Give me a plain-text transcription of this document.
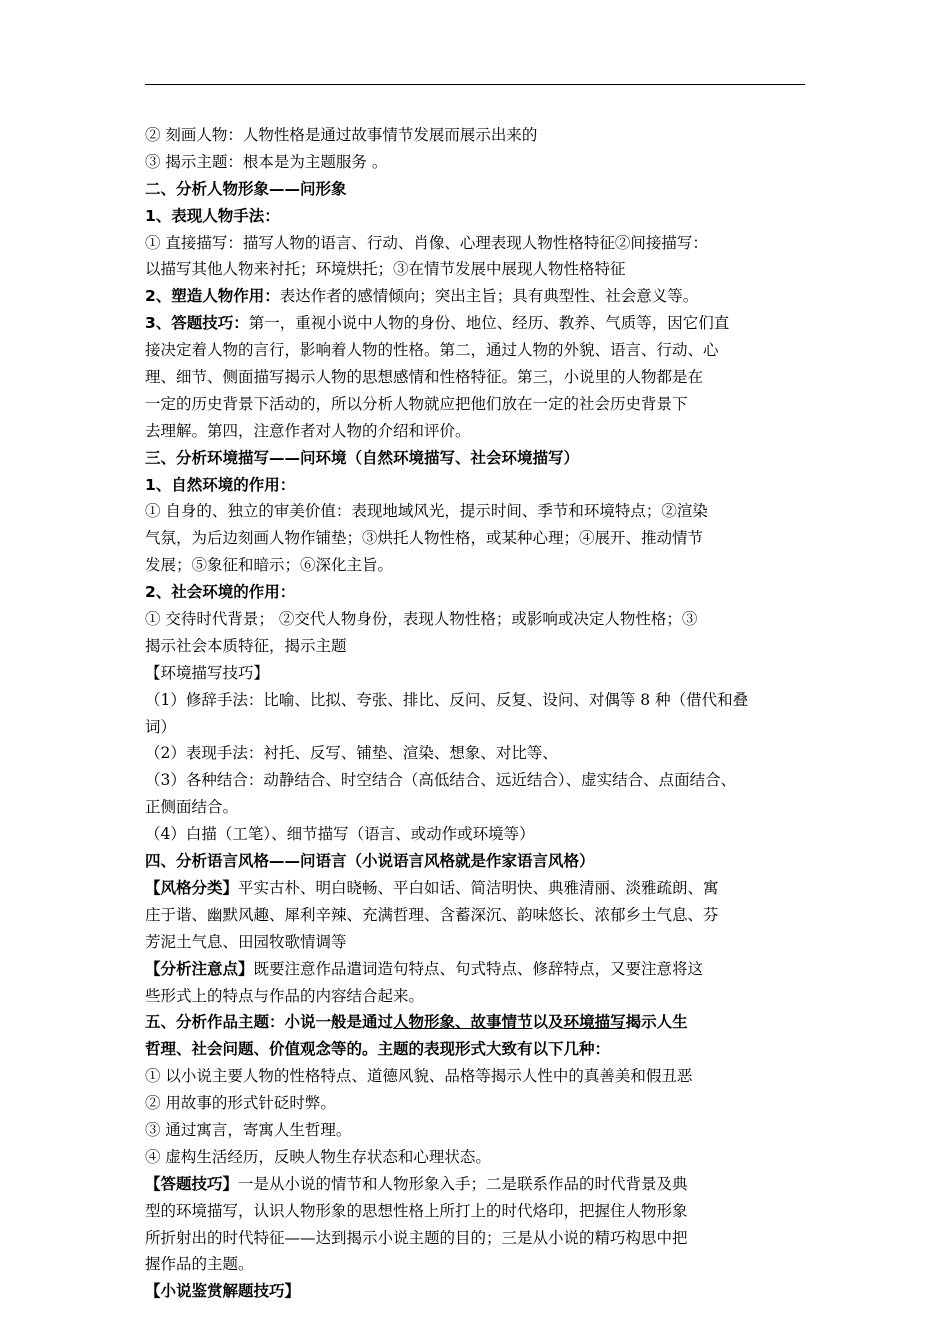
② 刻画人物：人物性格是通过故事情节发展而展示出来的

③ 揭示主题：根本是为主题服务 。

二、分析人物形象——问形象

1、表现人物手法：

① 直接描写：描写人物的语言、行动、肖像、心理表现人物性格特征②间接描写：

以描写其他人物来衬托；环境烘托；③在情节发展中展现人物性格特征

2、塑造人物作用：表达作者的感情倾向；突出主旨；具有典型性、社会意义等。

3、答题技巧：第一，重视小说中人物的身份、地位、经历、教养、气质等，因它们直

接决定着人物的言行，影响着人物的性格。第二，通过人物的外貌、语言、行动、心

理、细节、侧面描写揭示人物的思想感情和性格特征。第三，小说里的人物都是在

一定的历史背景下活动的，所以分析人物就应把他们放在一定的社会历史背景下

去理解。第四，注意作者对人物的介绍和评价。

三、分析环境描写——问环境（自然环境描写、社会环境描写）

1、自然环境的作用：

① 自身的、独立的审美价值：表现地域风光，提示时间、季节和环境特点；②渲染

气氛，为后边刻画人物作铺垫；③烘托人物性格，或某种心理；④展开、推动情节

发展；⑤象征和暗示；⑥深化主旨。

2、社会环境的作用：

① 交待时代背景； ②交代人物身份，表现人物性格；或影响或决定人物性格；③

揭示社会本质特征，揭示主题

【环境描写技巧】

（1）修辞手法：比喻、比拟、夸张、排比、反问、反复、设问、对偶等 8 种（借代和叠

词）

（2）表现手法：衬托、反写、铺垫、渲染、想象、对比等、

（3）各种结合：动静结合、时空结合（高低结合、远近结合）、虚实结合、点面结合、

正侧面结合。

（4）白描（工笔）、细节描写（语言、或动作或环境等）

四、分析语言风格——问语言（小说语言风格就是作家语言风格）

【风格分类】平实古朴、明白晓畅、平白如话、简洁明快、典雅清丽、淡雅疏朗、寓

庄于谐、幽默风趣、犀利辛辣、充满哲理、含蓄深沉、韵味悠长、浓郁乡土气息、芬

芳泥土气息、田园牧歌情调等

【分析注意点】既要注意作品遣词造句特点、句式特点、修辞特点，又要注意将这

些形式上的特点与作品的内容结合起来。

五、分析作品主题：小说一般是通过人物形象、故事情节以及环境描写揭示人生

哲理、社会问题、价值观念等的。主题的表现形式大致有以下几种：

① 以小说主要人物的性格特点、道德风貌、品格等揭示人性中的真善美和假丑恶

② 用故事的形式针砭时弊。

③ 通过寓言，寄寓人生哲理。

④ 虚构生活经历，反映人物生存状态和心理状态。

【答题技巧】一是从小说的情节和人物形象入手；二是联系作品的时代背景及典

型的环境描写，认识人物形象的思想性格上所打上的时代烙印，把握住人物形象

所折射出的时代特征——达到揭示小说主题的目的；三是从小说的精巧构思中把

握作品的主题。

【小说鉴赏解题技巧】
